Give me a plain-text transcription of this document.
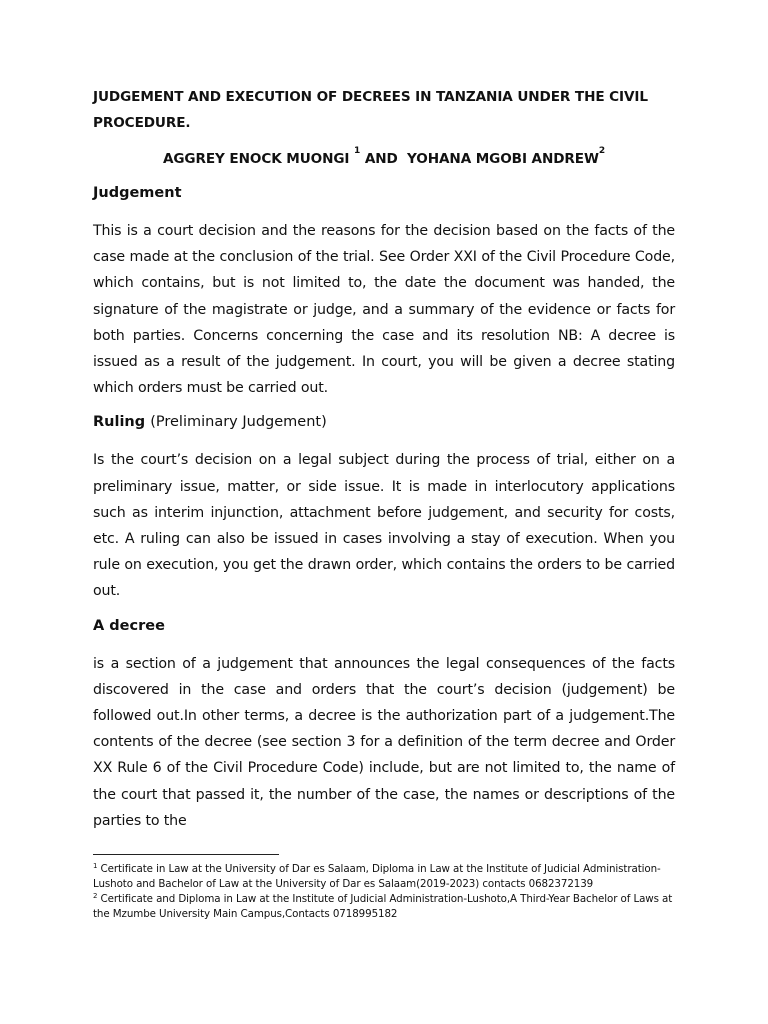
JUDGEMENT AND EXECUTION OF DECREES IN TANZANIA UNDER THE CIVIL PROCEDURE.

AGGREY ENOCK MUONGI $^1$ AND YOHANA MGOBI ANDREW$^2$

Judgement

This is a court decision and the reasons for the decision based on the facts of the case made at the conclusion of the trial. See Order XXI of the Civil Procedure Code, which contains, but is not limited to, the date the document was handed, the signature of the magistrate or judge, and a summary of the evidence or facts for both parties. Concerns concerning the case and its resolution NB: A decree is issued as a result of the judgement. In court, you will be given a decree stating which orders must be carried out.

Ruling (Preliminary Judgement)

Is the court’s decision on a legal subject during the process of trial, either on a preliminary issue, matter, or side issue. It is made in interlocutory applications such as interim injunction, attachment before judgement, and security for costs, etc. A ruling can also be issued in cases involving a stay of execution. When you rule on execution, you get the drawn order, which contains the orders to be carried out.

A decree

is a section of a judgement that announces the legal consequences of the facts discovered in the case and orders that the court’s decision (judgement) be followed out.In other terms, a decree is the authorization part of a judgement.The contents of the decree (see section 3 for a definition of the term decree and Order XX Rule 6 of the Civil Procedure Code) include, but are not limited to, the name of the court that passed it, the number of the case, the names or descriptions of the parties to the

$^1$ Certificate in Law at the University of Dar es Salaam, Diploma in Law at the Institute of Judicial Administration-Lushoto and Bachelor of Law at the University of Dar es Salaam(2019-2023) contacts 0682372139

$^2$ Certificate and Diploma in Law at the Institute of Judicial Administration-Lushoto,A Third-Year Bachelor of Laws at the Mzumbe University Main Campus,Contacts 0718995182
